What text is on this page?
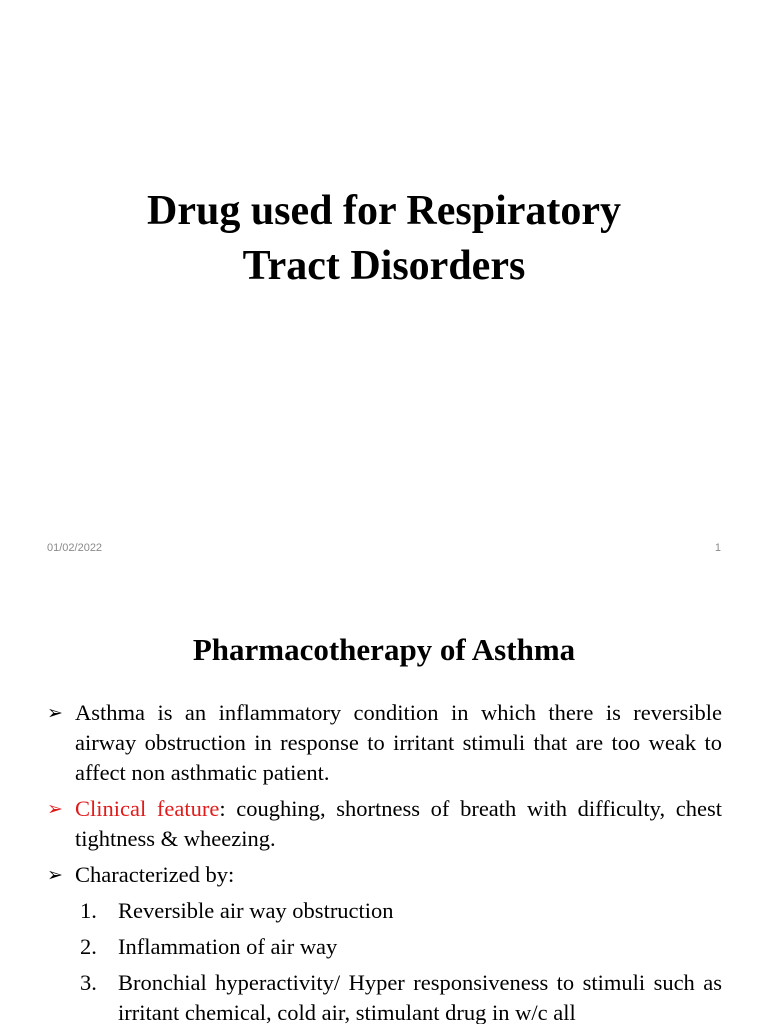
Drug used for Respiratory
Tract Disorders
01/02/2022	1
Pharmacotherapy of Asthma
➢ Asthma is an inflammatory condition in which there is reversible airway obstruction in response to irritant stimuli that are too weak to affect non asthmatic patient.
➢ Clinical feature: coughing, shortness of breath with difficulty, chest tightness & wheezing.
➢ Characterized by:
1. Reversible air way obstruction
2. Inflammation of air way
3. Bronchial hyperactivity/ Hyper responsiveness to stimuli such as irritant chemical, cold air, stimulant drug in w/c all
